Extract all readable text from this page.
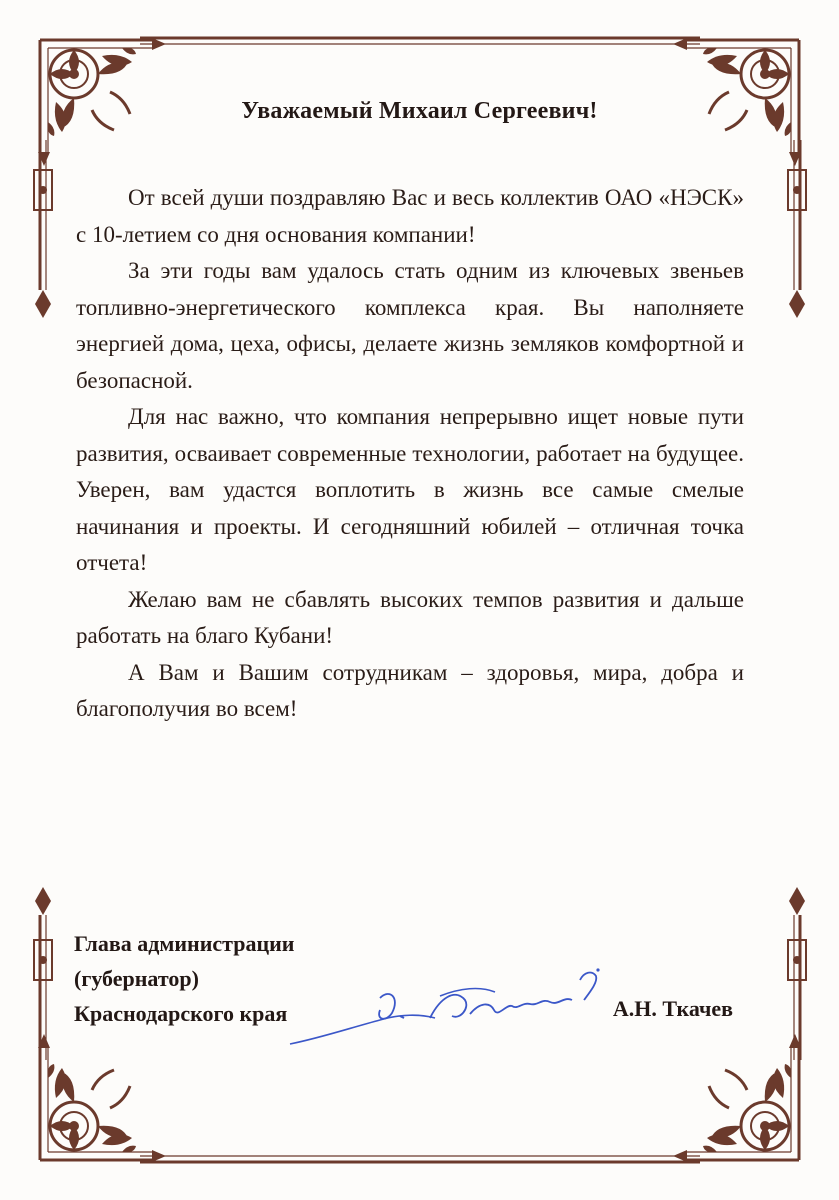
Уважаемый Михаил Сергеевич!

От всей души поздравляю Вас и весь коллектив ОАО «НЭСК» с 10-летием со дня основания компании!

За эти годы вам удалось стать одним из ключевых звеньев топливно-энергетического комплекса края. Вы наполняете энергией дома, цеха, офисы, делаете жизнь земляков комфортной и безопасной.

Для нас важно, что компания непрерывно ищет новые пути развития, осваивает современные технологии, работает на будущее. Уверен, вам удастся воплотить в жизнь все самые смелые начинания и проекты. И сегодняшний юбилей – отличная точка отчета!

Желаю вам не сбавлять высоких темпов развития и дальше работать на благо Кубани!

А Вам и Вашим сотрудникам – здоровья, мира, добра и благополучия во всем!

Глава администрации
(губернатор)
Краснодарского края	А.Н. Ткачев
